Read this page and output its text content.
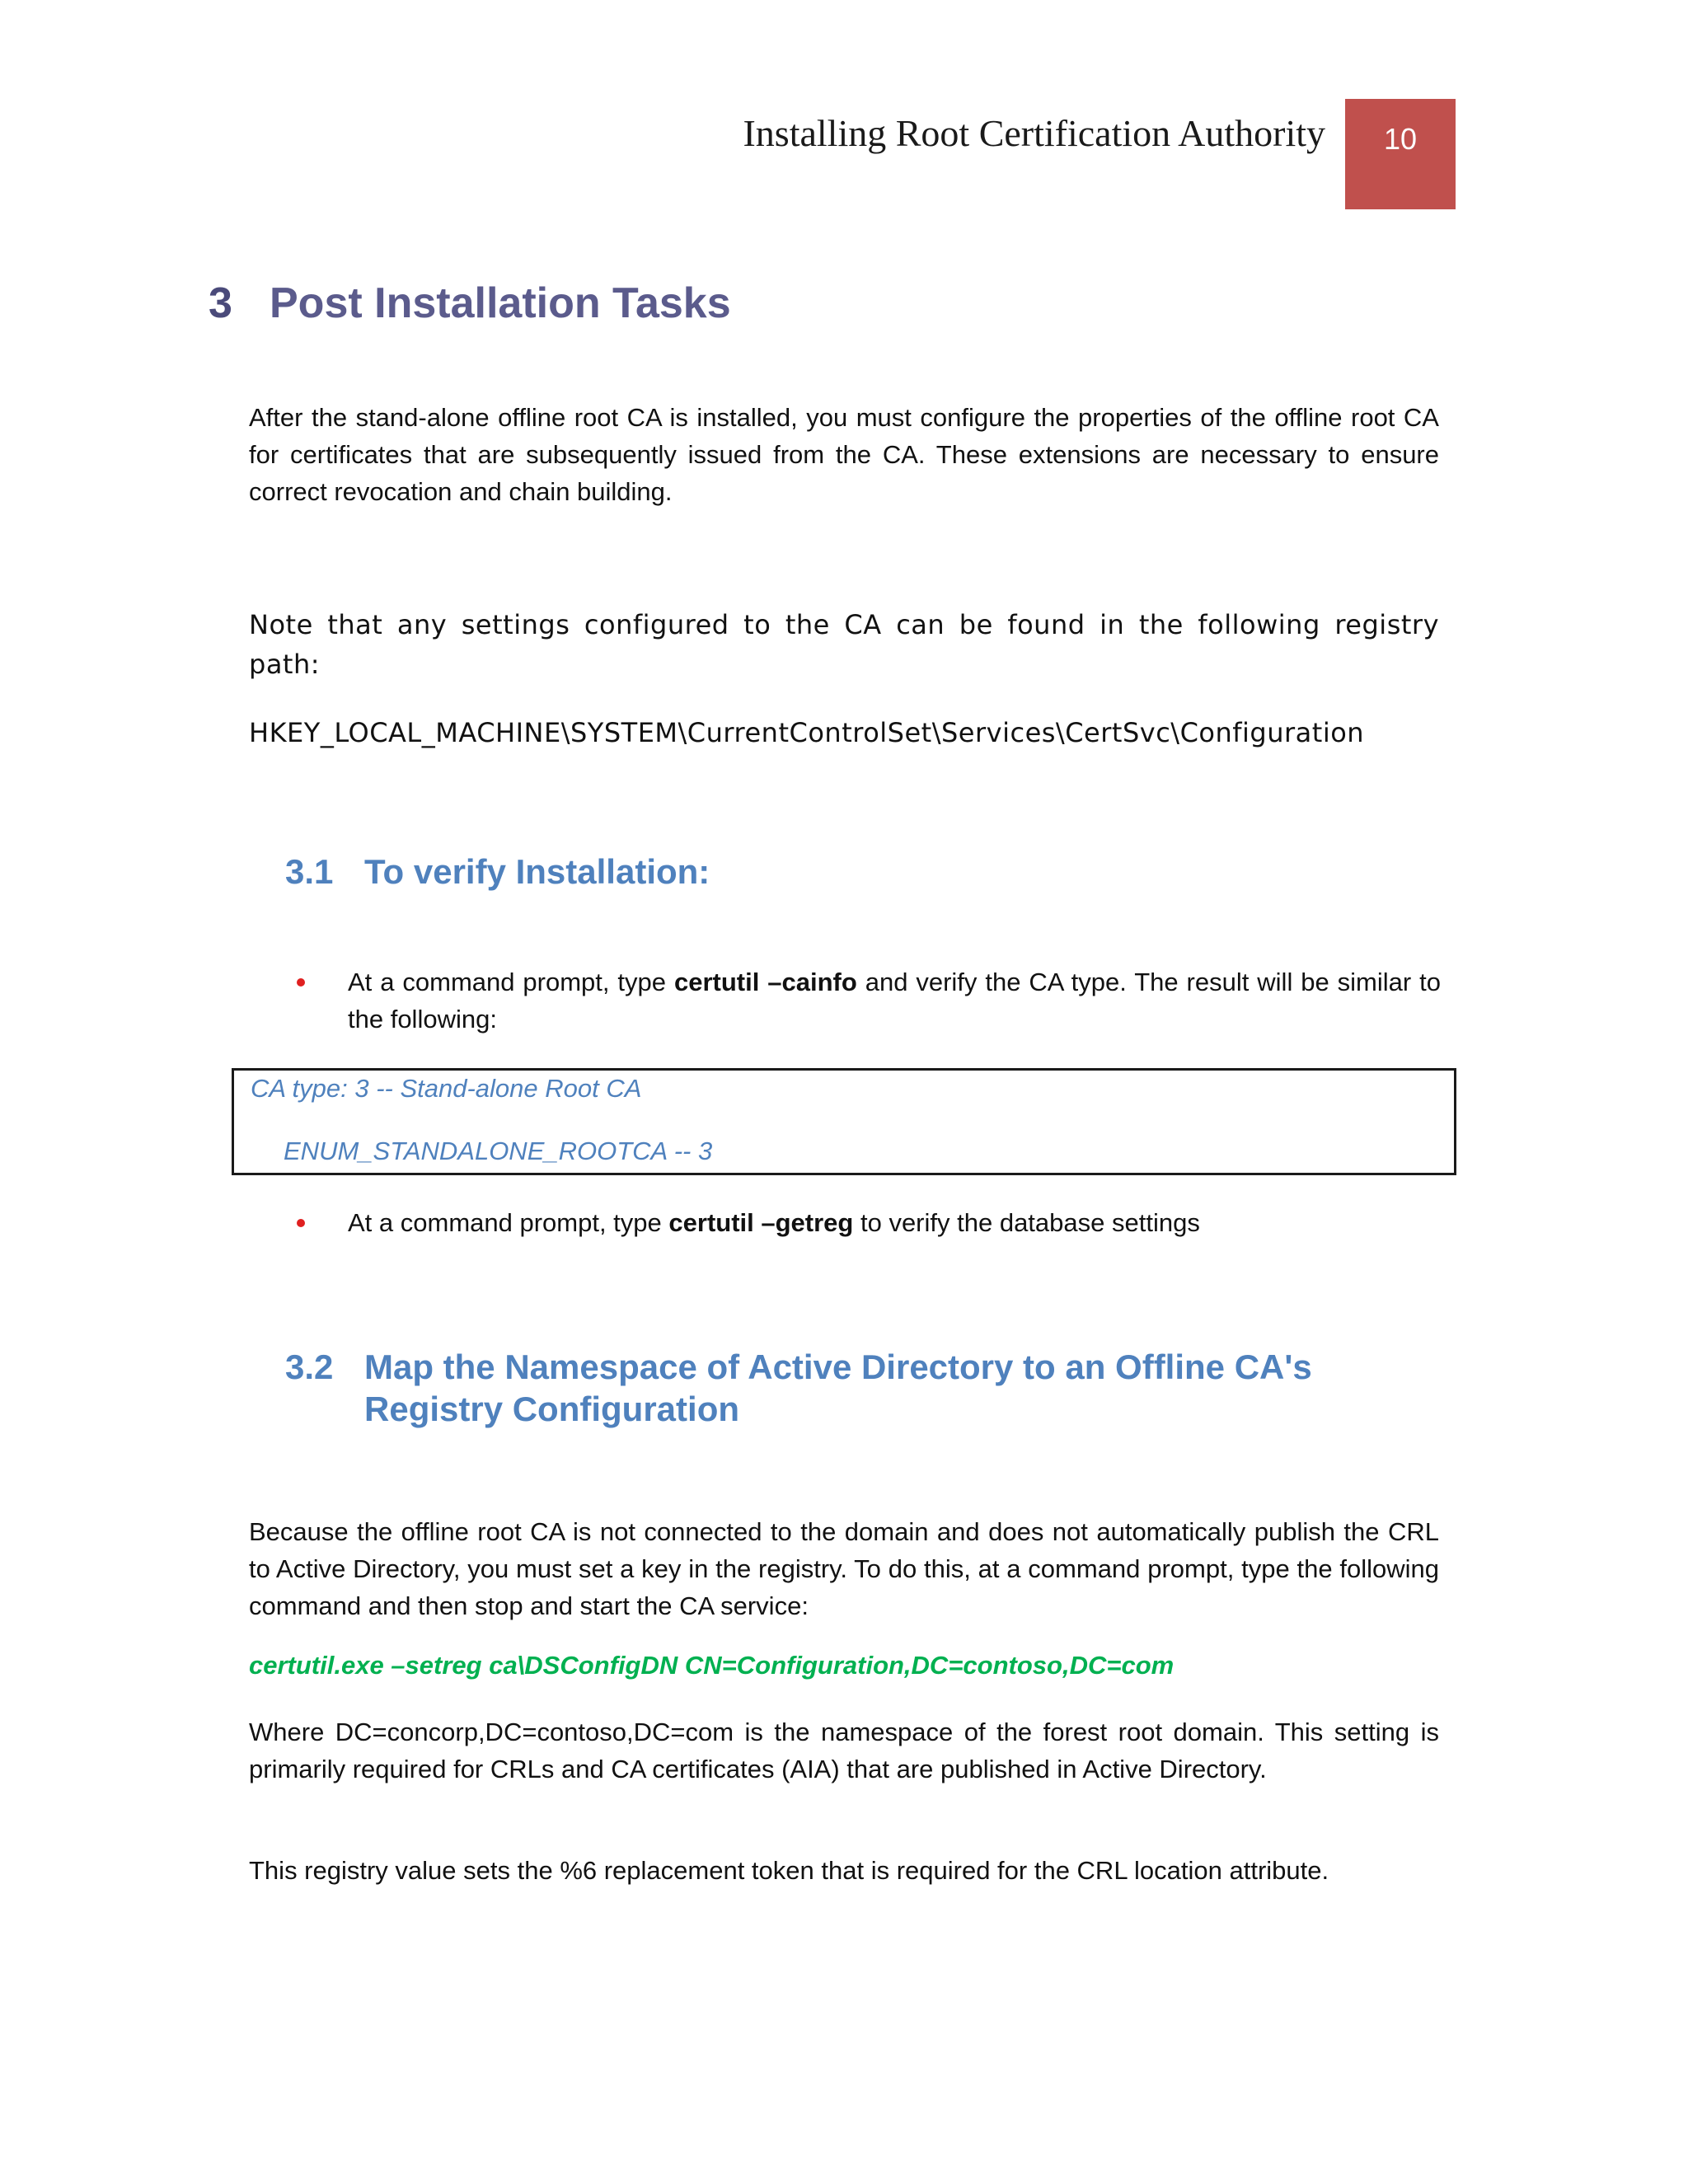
Installing Root Certification Authority	10
3 Post Installation Tasks
After the stand-alone offline root CA is installed, you must configure the properties of the offline root CA for certificates that are subsequently issued from the CA. These extensions are necessary to ensure correct revocation and chain building.
Note that any settings configured to the CA can be found in the following registry path:
HKEY_LOCAL_MACHINE\SYSTEM\CurrentControlSet\Services\CertSvc\Configuration
3.1 To verify Installation:
At a command prompt, type certutil –cainfo and verify the CA type. The result will be similar to the following:
CA type: 3 -- Stand-alone Root CA
ENUM_STANDALONE_ROOTCA -- 3
At a command prompt, type certutil –getreg to verify the database settings
3.2 Map the Namespace of Active Directory to an Offline CA's Registry Configuration
Because the offline root CA is not connected to the domain and does not automatically publish the CRL to Active Directory, you must set a key in the registry. To do this, at a command prompt, type the following command and then stop and start the CA service:
certutil.exe –setreg ca\DSConfigDN CN=Configuration,DC=contoso,DC=com
Where DC=concorp,DC=contoso,DC=com is the namespace of the forest root domain. This setting is primarily required for CRLs and CA certificates (AIA) that are published in Active Directory.
This registry value sets the %6 replacement token that is required for the CRL location attribute.
